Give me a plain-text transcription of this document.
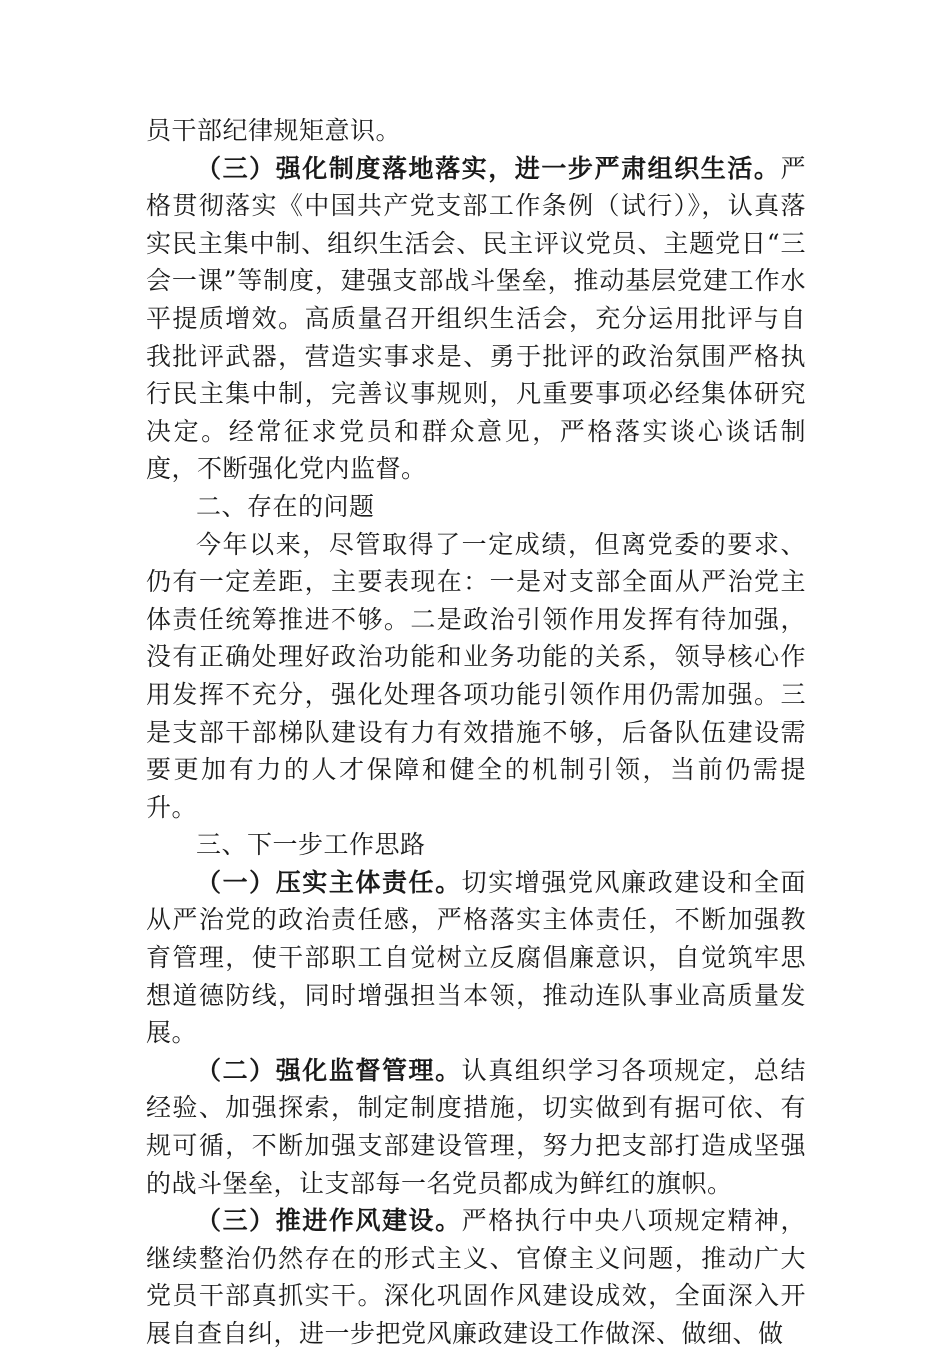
员干部纪律规矩意识。

（三）强化制度落地落实，进一步严肃组织生活。严格贯彻落实《中国共产党支部工作条例（试行）》，认真落实民主集中制、组织生活会、民主评议党员、主题党日“三会一课”等制度，建强支部战斗堡垒，推动基层党建工作水平提质增效。高质量召开组织生活会，充分运用批评与自我批评武器，营造实事求是、勇于批评的政治氛围严格执行民主集中制，完善议事规则，凡重要事项必经集体研究决定。经常征求党员和群众意见，严格落实谈心谈话制度，不断强化党内监督。

二、存在的问题

今年以来，尽管取得了一定成绩，但离党委的要求、仍有一定差距，主要表现在：一是对支部全面从严治党主体责任统筹推进不够。二是政治引领作用发挥有待加强，没有正确处理好政治功能和业务功能的关系，领导核心作用发挥不充分，强化处理各项功能引领作用仍需加强。三是支部干部梯队建设有力有效措施不够，后备队伍建设需要更加有力的人才保障和健全的机制引领，当前仍需提升。

三、下一步工作思路

（一）压实主体责任。切实增强党风廉政建设和全面从严治党的政治责任感，严格落实主体责任，不断加强教育管理，使干部职工自觉树立反腐倡廉意识，自觉筑牢思想道德防线，同时增强担当本领，推动连队事业高质量发展。

（二）强化监督管理。认真组织学习各项规定，总结经验、加强探索，制定制度措施，切实做到有据可依、有规可循，不断加强支部建设管理，努力把支部打造成坚强的战斗堡垒，让支部每一名党员都成为鲜红的旗帜。

（三）推进作风建设。严格执行中央八项规定精神，继续整治仍然存在的形式主义、官僚主义问题，推动广大党员干部真抓实干。深化巩固作风建设成效，全面深入开展自查自纠，进一步把党风廉政建设工作做深、做细、做
